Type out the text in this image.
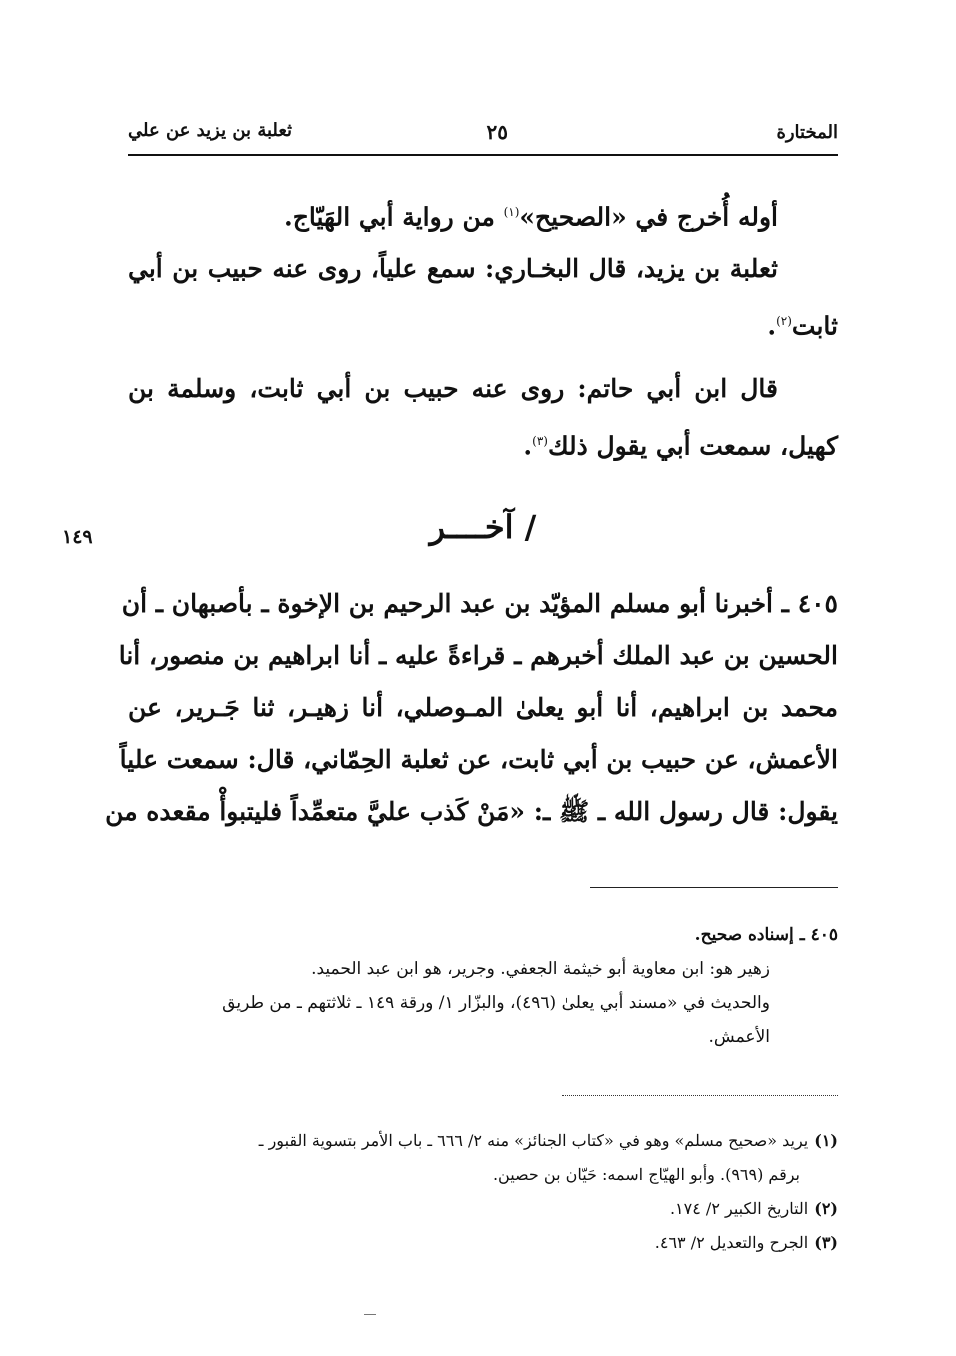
المختارة
٢٥
ثعلبة بن يزيد عن علي

أوله أُخرج في «الصحيح»$^{(١)}$ من رواية أبي الهَيّاج.

ثعلبة بن يزيد، قال البخـاري: سمع علياً، روى عنه حبيب بن أبي ثابت$^{(٢)}$.

قال ابن أبي حاتم: روى عنه حبيب بن أبي ثابت، وسلمة بن كهيل، سمعت أبي يقول ذلك$^{(٣)}$.

١٤٩	/ آخــــر
٤٠٥ ـ أخبرنا أبو مسلم المؤيّد بن عبد الرحيم بن الإخوة ـ بأصبهان ـ أن
الحسين بن عبد الملك أخبرهم ـ قراءةً عليه ـ أنا ابراهيم بن منصور، أنا
محمد بن ابراهيم، أنا أبو يعلىٰ المـوصلي، أنا زهيـر، ثنا جَـرير، عن
الأعمش، عن حبيب بن أبي ثابت، عن ثعلبة الحِمّاني، قال: سمعت علياً
يقول: قال رسول الله ـ ﷺ ـ: «مَنْ كَذب عليَّ متعمِّداً فليتبوأْ مقعده من
٤٠٥ ـ إسناده صحيح.
زهير هو: ابن معاوية أبو خيثمة الجعفي. وجرير، هو ابن عبد الحميد.
والحديث في «مسند أبي يعلىٰ (٤٩٦)، والبزّار ١/ ورقة ١٤٩ ـ ثلاثتهم ـ من طريق
الأعمش.

(١)يريد «صحيح مسلم» وهو في «كتاب الجنائز» منه ٢/ ٦٦٦ ـ باب الأمر بتسوية القبور ـ

برقم (٩٦٩). وأبو الهيّاج اسمه: حَيّان بن حصين.

(٢)التاريخ الكبير ٢/ ١٧٤.

(٣)الجرح والتعديل ٢/ ٤٦٣.
